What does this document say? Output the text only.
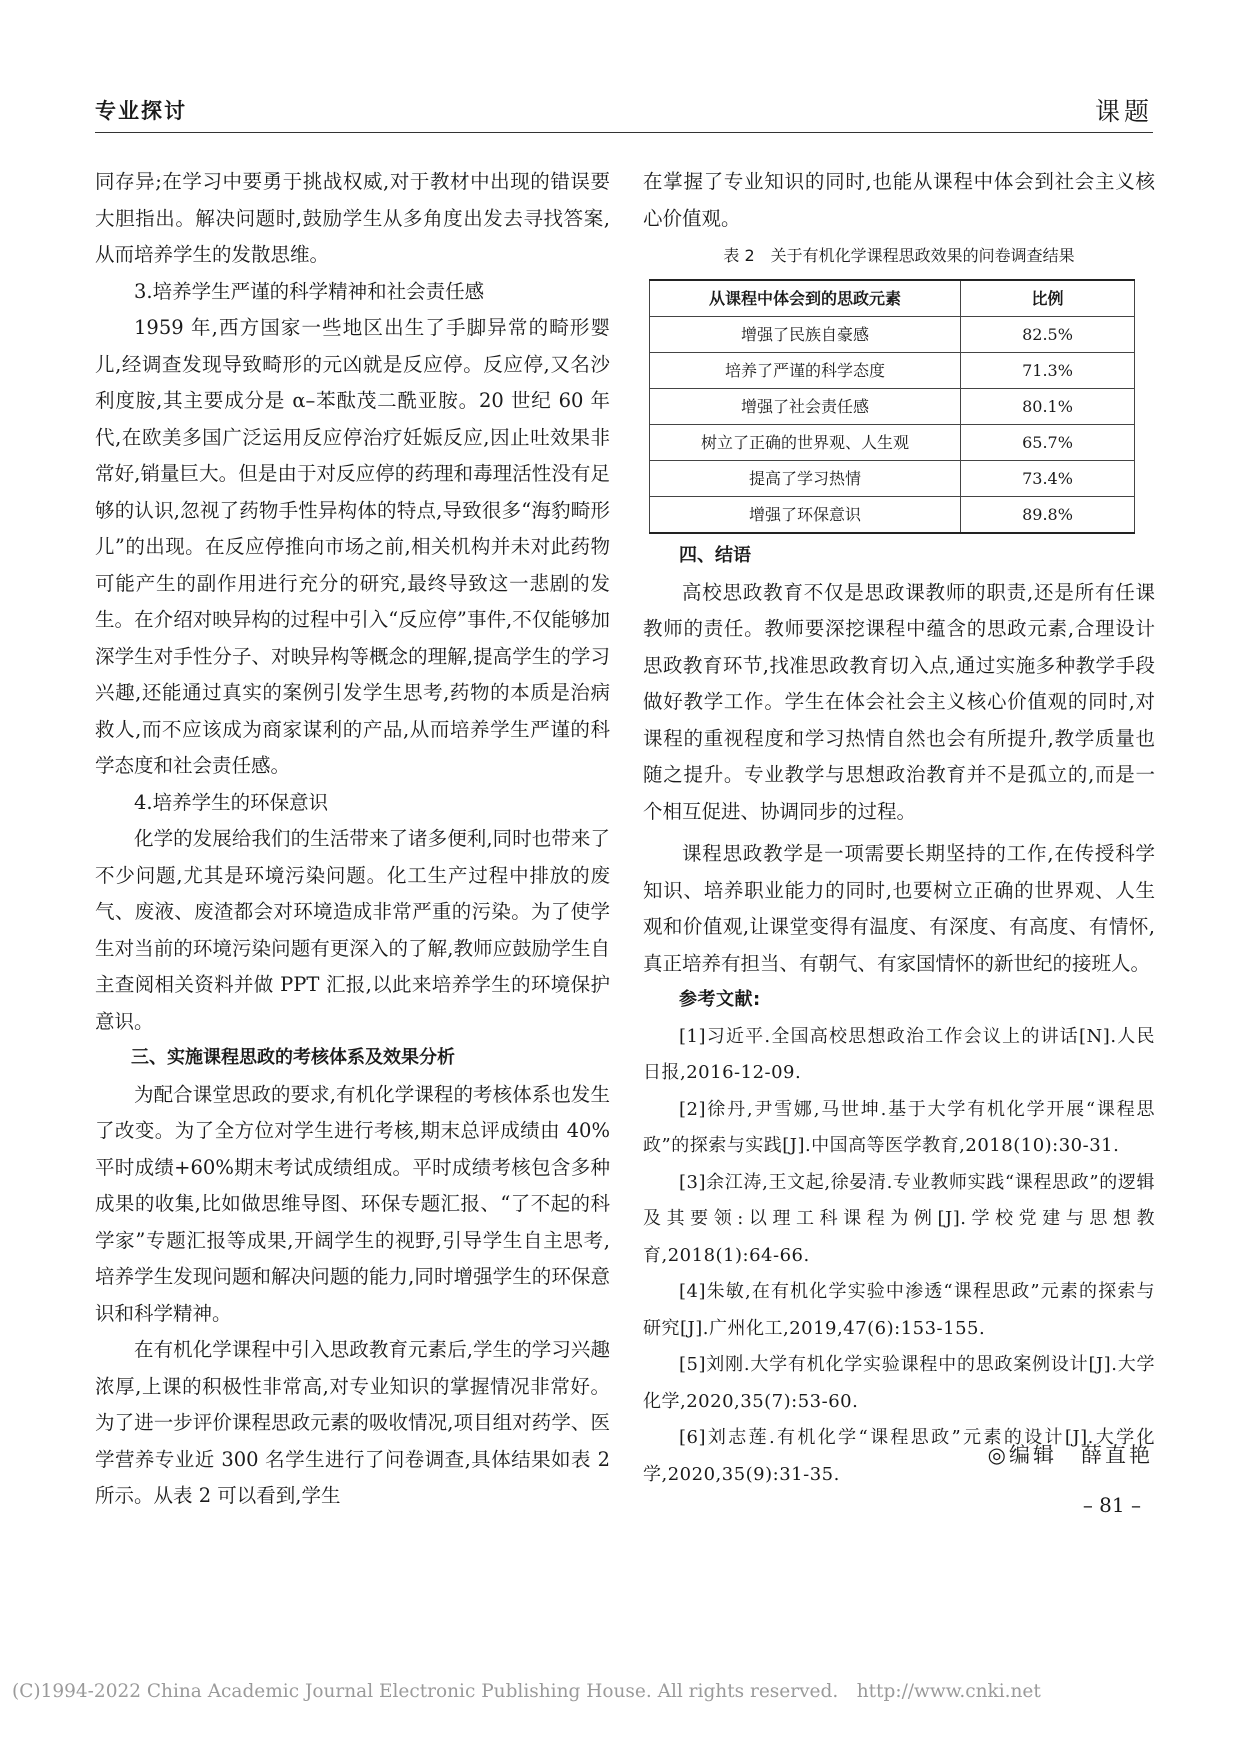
专业探讨	课题

同存异;在学习中要勇于挑战权威,对于教材中出现的错误要大胆指出。解决问题时,鼓励学生从多角度出发去寻找答案,从而培养学生的发散思维。

3.培养学生严谨的科学精神和社会责任感

1959 年,西方国家一些地区出生了手脚异常的畸形婴儿,经调查发现导致畸形的元凶就是反应停。反应停,又名沙利度胺,其主要成分是 α–苯酞茂二酰亚胺。20 世纪 60 年代,在欧美多国广泛运用反应停治疗妊娠反应,因止吐效果非常好,销量巨大。但是由于对反应停的药理和毒理活性没有足够的认识,忽视了药物手性异构体的特点,导致很多“海豹畸形儿”的出现。在反应停推向市场之前,相关机构并未对此药物可能产生的副作用进行充分的研究,最终导致这一悲剧的发生。在介绍对映异构的过程中引入“反应停”事件,不仅能够加深学生对手性分子、对映异构等概念的理解,提高学生的学习兴趣,还能通过真实的案例引发学生思考,药物的本质是治病救人,而不应该成为商家谋利的产品,从而培养学生严谨的科学态度和社会责任感。

4.培养学生的环保意识

化学的发展给我们的生活带来了诸多便利,同时也带来了不少问题,尤其是环境污染问题。化工生产过程中排放的废气、废液、废渣都会对环境造成非常严重的污染。为了使学生对当前的环境污染问题有更深入的了解,教师应鼓励学生自主查阅相关资料并做 PPT 汇报,以此来培养学生的环境保护意识。

三、实施课程思政的考核体系及效果分析

为配合课堂思政的要求,有机化学课程的考核体系也发生了改变。为了全方位对学生进行考核,期末总评成绩由 40%平时成绩+60%期末考试成绩组成。平时成绩考核包含多种成果的收集,比如做思维导图、环保专题汇报、“了不起的科学家”专题汇报等成果,开阔学生的视野,引导学生自主思考,培养学生发现问题和解决问题的能力,同时增强学生的环保意识和科学精神。

在有机化学课程中引入思政教育元素后,学生的学习兴趣浓厚,上课的积极性非常高,对专业知识的掌握情况非常好。为了进一步评价课程思政元素的吸收情况,项目组对药学、医学营养专业近 300 名学生进行了问卷调查,具体结果如表 2 所示。从表 2 可以看到,学生

在掌握了专业知识的同时,也能从课程中体会到社会主义核心价值观。

表 2　关于有机化学课程思政效果的问卷调查结果
从课程中体会到的思政元素	比例
增强了民族自豪感	82.5%
培养了严谨的科学态度	71.3%
增强了社会责任感	80.1%
树立了正确的世界观、人生观	65.7%
提高了学习热情	73.4%
增强了环保意识	89.8%

四、结语

高校思政教育不仅是思政课教师的职责,还是所有任课教师的责任。教师要深挖课程中蕴含的思政元素,合理设计思政教育环节,找准思政教育切入点,通过实施多种教学手段做好教学工作。学生在体会社会主义核心价值观的同时,对课程的重视程度和学习热情自然也会有所提升,教学质量也随之提升。专业教学与思想政治教育并不是孤立的,而是一个相互促进、协调同步的过程。

课程思政教学是一项需要长期坚持的工作,在传授科学知识、培养职业能力的同时,也要树立正确的世界观、人生观和价值观,让课堂变得有温度、有深度、有高度、有情怀,真正培养有担当、有朝气、有家国情怀的新世纪的接班人。

参考文献:

[1]习近平.全国高校思想政治工作会议上的讲话[N].人民日报,2016-12-09.

[2]徐丹,尹雪娜,马世坤.基于大学有机化学开展“课程思政”的探索与实践[J].中国高等医学教育,2018(10):30-31.

[3]余江涛,王文起,徐晏清.专业教师实践“课程思政”的逻辑及其要领:以理工科课程为例[J].学校党建与思想教育,2018(1):64-66.

[4]朱敏,在有机化学实验中渗透“课程思政”元素的探索与研究[J].广州化工,2019,47(6):153-155.

[5]刘刚.大学有机化学实验课程中的思政案例设计[J].大学化学,2020,35(7):53-60.

[6]刘志莲.有机化学“课程思政”元素的设计[J].大学化学,2020,35(9):31-35.

◎编辑　薛直艳
– 81 –
(C)1994-2022 China Academic Journal Electronic Publishing House. All rights reserved.　http://www.cnki.net
